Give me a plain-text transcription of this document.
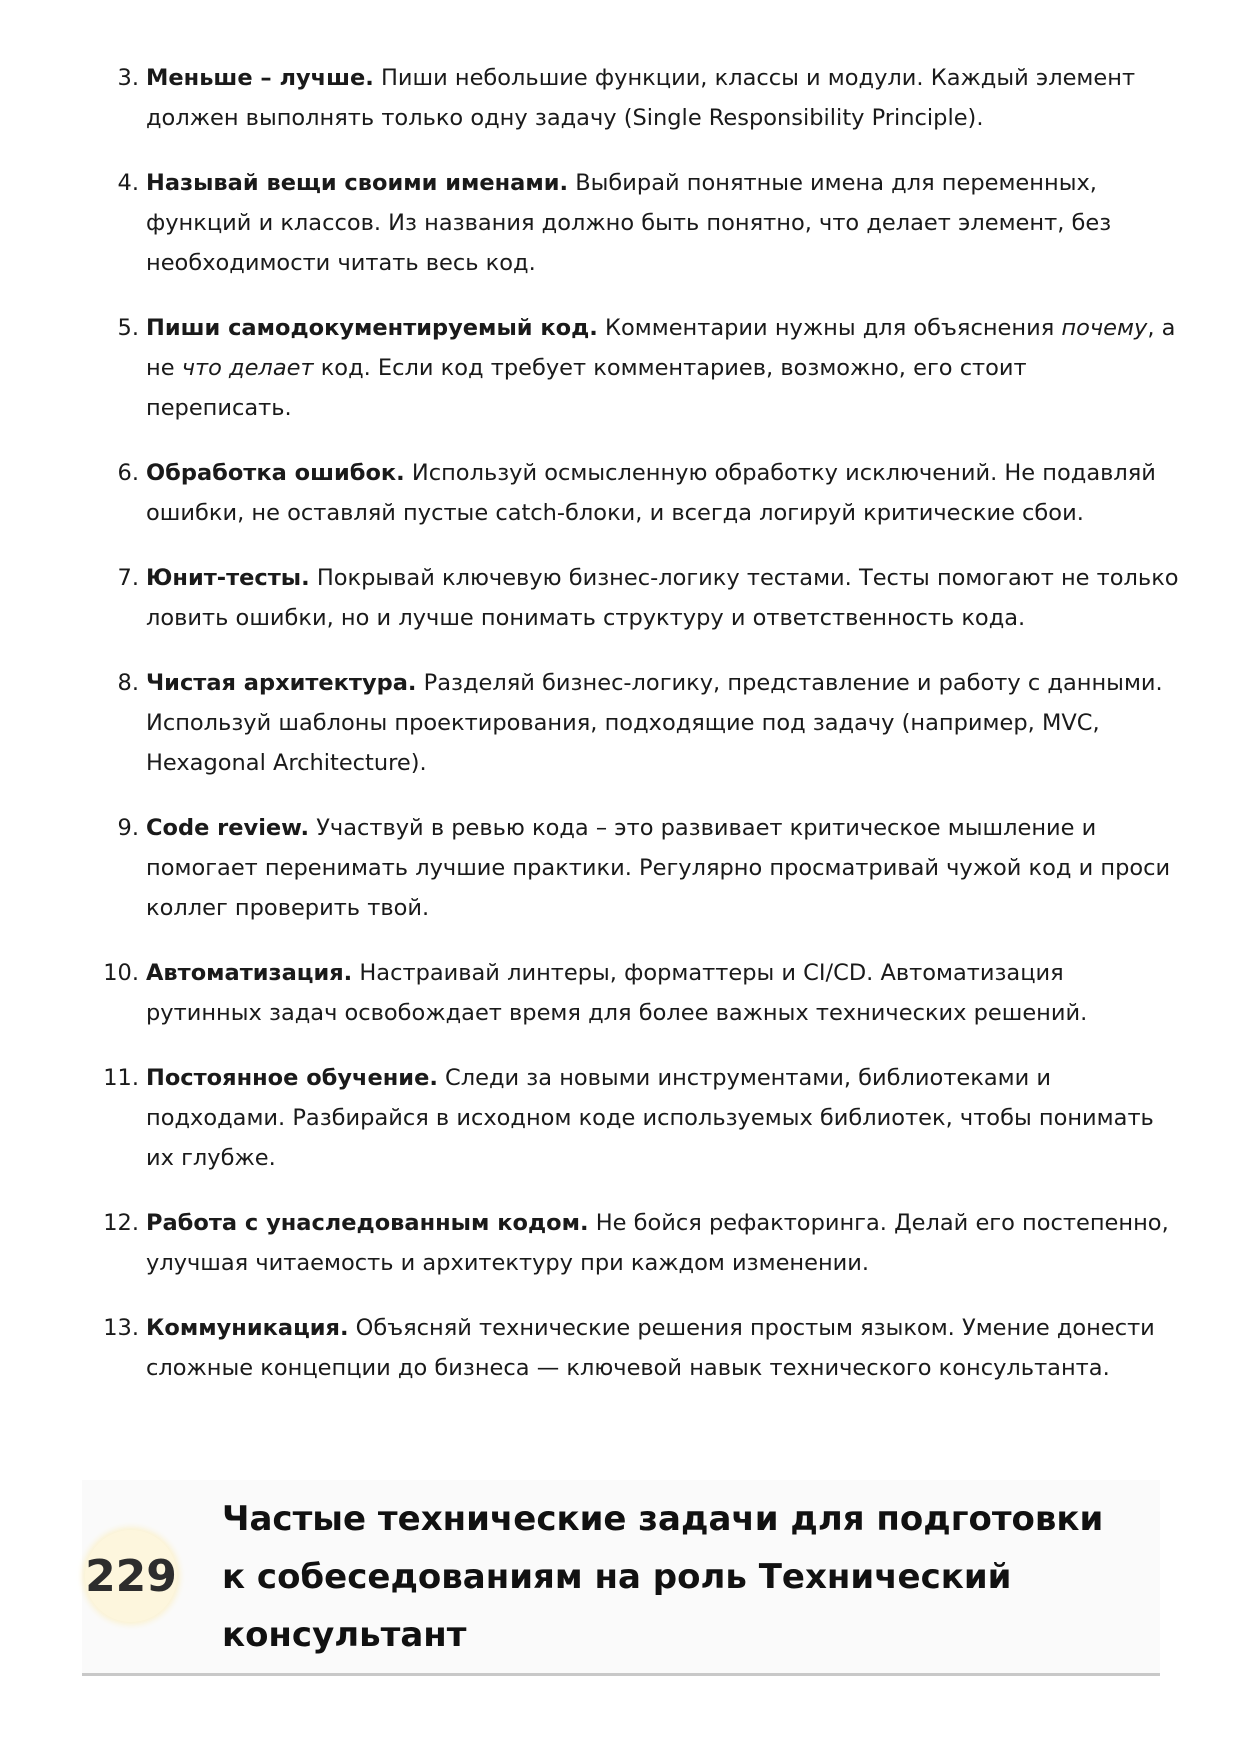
3. Меньше – лучше. Пиши небольшие функции, классы и модули. Каждый элемент должен выполнять только одну задачу (Single Responsibility Principle).
4. Называй вещи своими именами. Выбирай понятные имена для переменных, функций и классов. Из названия должно быть понятно, что делает элемент, без необходимости читать весь код.
5. Пиши самодокументируемый код. Комментарии нужны для объяснения почему, а не что делает код. Если код требует комментариев, возможно, его стоит переписать.
6. Обработка ошибок. Используй осмысленную обработку исключений. Не подавляй ошибки, не оставляй пустые catch-блоки, и всегда логируй критические сбои.
7. Юнит-тесты. Покрывай ключевую бизнес-логику тестами. Тесты помогают не только ловить ошибки, но и лучше понимать структуру и ответственность кода.
8. Чистая архитектура. Разделяй бизнес-логику, представление и работу с данными. Используй шаблоны проектирования, подходящие под задачу (например, MVC, Hexagonal Architecture).
9. Code review. Участвуй в ревью кода – это развивает критическое мышление и помогает перенимать лучшие практики. Регулярно просматривай чужой код и проси коллег проверить твой.
10. Автоматизация. Настраивай линтеры, форматтеры и CI/CD. Автоматизация рутинных задач освобождает время для более важных технических решений.
11. Постоянное обучение. Следи за новыми инструментами, библиотеками и подходами. Разбирайся в исходном коде используемых библиотек, чтобы понимать их глубже.
12. Работа с унаследованным кодом. Не бойся рефакторинга. Делай его постепенно, улучшая читаемость и архитектуру при каждом изменении.
13. Коммуникация. Объясняй технические решения простым языком. Умение донести сложные концепции до бизнеса — ключевой навык технического консультанта.
229
Частые технические задачи для подготовки к собеседованиям на роль Технический консультант
